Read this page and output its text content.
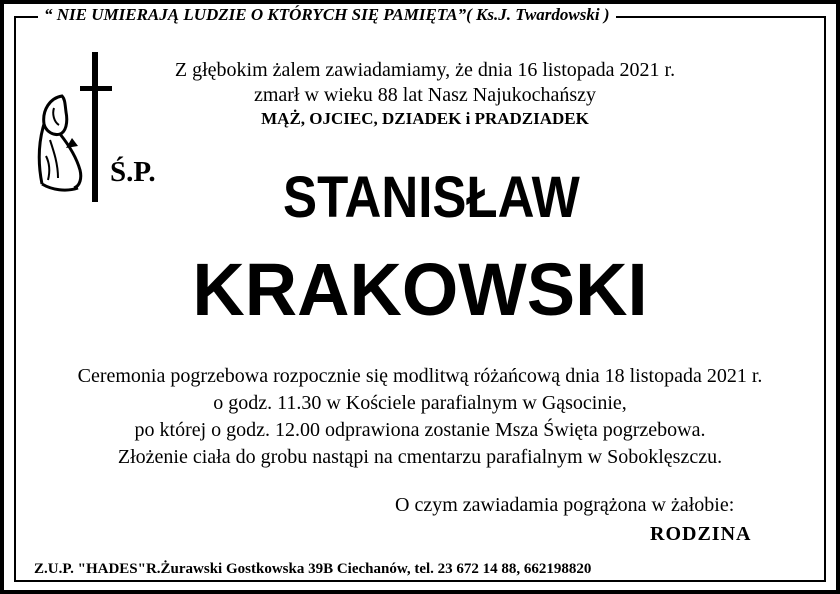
“ NIE UMIERAJĄ LUDZIE O KTÓRYCH SIĘ PAMIĘTA”( Ks.J. Twardowski )
Ś.P.
Z głębokim żalem zawiadamiamy, że dnia 16 listopada 2021 r.
zmarł w wieku 88 lat Nasz Najukochańszy
MĄŻ, OJCIEC, DZIADEK i PRADZIADEK
STANISŁAW
KRAKOWSKI
Ceremonia pogrzebowa rozpocznie się modlitwą różańcową dnia 18 listopada 2021 r.
o godz. 11.30 w Kościele parafialnym w Gąsocinie,
po której o godz. 12.00 odprawiona zostanie Msza Święta pogrzebowa.
Złożenie ciała do grobu nastąpi na cmentarzu parafialnym w Soboklęszczu.
O czym zawiadamia pogrążona w żałobie:
RODZINA
Z.U.P. "HADES"R.Żurawski Gostkowska 39B Ciechanów, tel. 23 672 14 88, 662198820
